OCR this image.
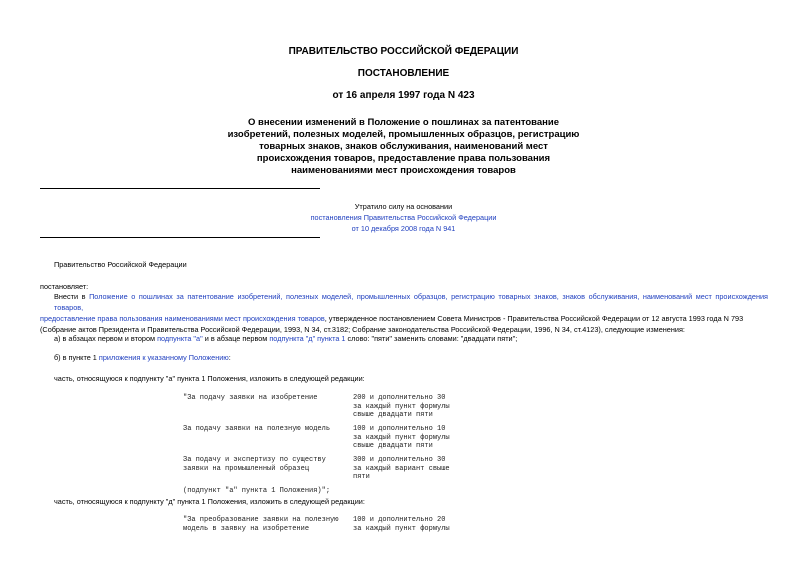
ПРАВИТЕЛЬСТВО РОССИЙСКОЙ ФЕДЕРАЦИИ
ПОСТАНОВЛЕНИЕ
от 16 апреля 1997 года N 423
О внесении изменений в Положение о пошлинах за патентование
изобретений, полезных моделей, промышленных образцов, регистрацию
товарных знаков, знаков обслуживания, наименований мест
происхождения товаров, предоставление права пользования
наименованиями мест происхождения товаров
Утратило силу на основании
постановления Правительства Российской Федерации
от 10 декабря 2008 года N 941
Правительство Российской Федерации
постановляет:
Внести в Положение о пошлинах за патентование изобретений, полезных моделей, промышленных образцов, регистрацию товарных знаков, знаков обслуживания, наименований мест происхождения товаров,
предоставление права пользования наименованиями мест происхождения товаров, утвержденное постановлением Совета Министров - Правительства Российской Федерации от 12 августа 1993 года N 793
(Собрание актов Президента и Правительства Российской Федерации, 1993, N 34, ст.3182; Собрание законодательства Российской Федерации, 1996, N 34, ст.4123), следующие изменения:
а) в абзацах первом и втором подпункта "а" и в абзаце первом подпункта "д" пункта 1 слово: "пяти" заменить словами: "двадцати пяти";
б) в пункте 1 приложения к указанному Положению:
часть, относящуюся к подпункту "а" пункта 1 Положения, изложить в следующей редакции:
"За подачу заявки на изобретение	200 и дополнительно 30
за каждый пункт формулы
свыше двадцати пяти
За подачу заявки на полезную модель	100 и дополнительно 10
за каждый пункт формулы
свыше двадцати пяти
За подачу и экспертизу по существу
заявки на промышленный образец
300 и дополнительно 30
за каждый вариант свыше
пяти
(подпункт "а" пункта 1 Положения)";
часть, относящуюся к подпункту "д" пункта 1 Положения, изложить в следующей редакции:
"За преобразование заявки на полезную
модель в заявку на изобретение
100 и дополнительно 20
за каждый пункт формулы
